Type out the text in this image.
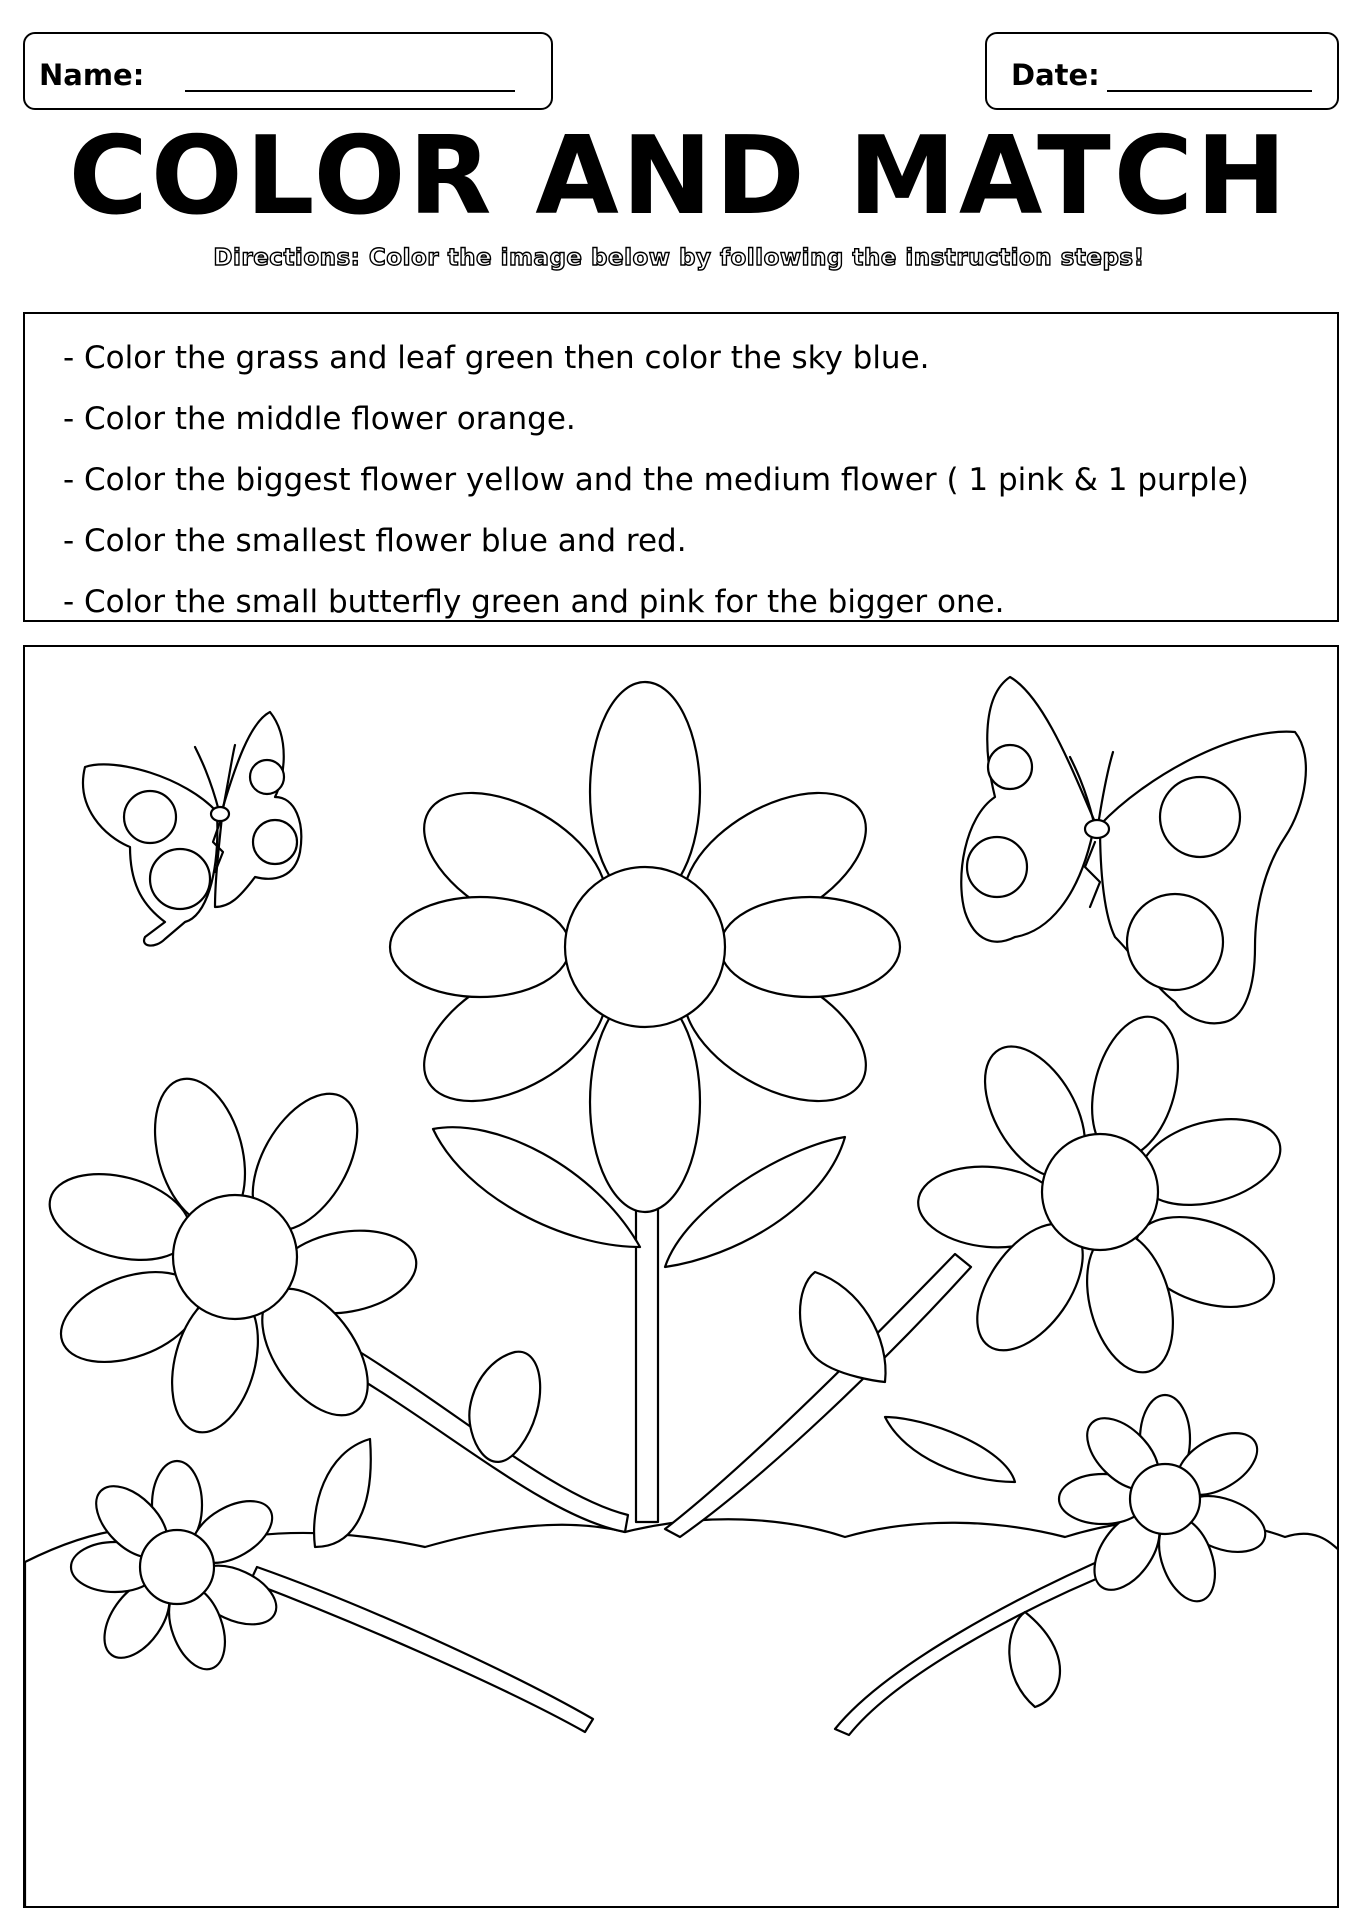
Name:	Date:
COLOR AND MATCH
Directions: Color the image below by following the instruction steps!
- Color the grass and leaf green then color the sky blue.
- Color the middle flower orange.
- Color the biggest flower yellow and the medium flower ( 1 pink & 1 purple)
- Color the smallest flower blue and red.
- Color the small butterfly green and pink for the bigger one.
